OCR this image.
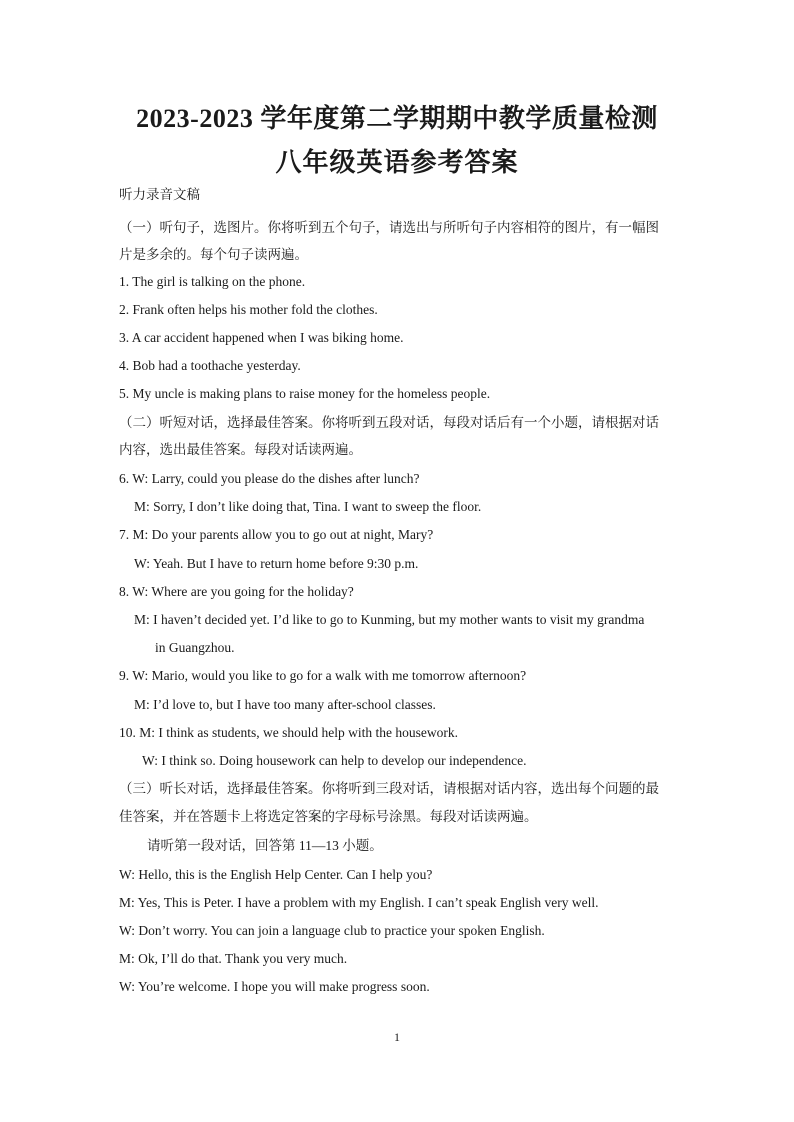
2023-2023 学年度第二学期期中教学质量检测
八年级英语参考答案

听力录音文稿

（一）听句子，选图片。你将听到五个句子，请选出与所听句子内容相符的图片，有一幅图

片是多余的。每个句子读两遍。

1. The girl is talking on the phone.

2. Frank often helps his mother fold the clothes.

3. A car accident happened when I was biking home.

4. Bob had a toothache yesterday.

5. My uncle is making plans to raise money for the homeless people.

（二）听短对话，选择最佳答案。你将听到五段对话，每段对话后有一个小题，请根据对话

内容，选出最佳答案。每段对话读两遍。

6. W: Larry, could you please do the dishes after lunch?

M: Sorry, I don’t like doing that, Tina. I want to sweep the floor.

7. M: Do your parents allow you to go out at night, Mary?

W: Yeah. But I have to return home before 9:30 p.m.

8. W: Where are you going for the holiday?

M: I haven’t decided yet. I’d like to go to Kunming, but my mother wants to visit my grandma

in Guangzhou.

9. W: Mario, would you like to go for a walk with me tomorrow afternoon?

M: I’d love to, but I have too many after-school classes.

10. M: I think as students, we should help with the housework.

W: I think so. Doing housework can help to develop our independence.

（三）听长对话，选择最佳答案。你将听到三段对话，请根据对话内容，选出每个问题的最

佳答案，并在答题卡上将选定答案的字母标号涂黑。每段对话读两遍。

请听第一段对话，回答第 11—13 小题。

W: Hello, this is the English Help Center. Can I help you?

M: Yes, This is Peter. I have a problem with my English. I can’t speak English very well.

W: Don’t worry. You can join a language club to practice your spoken English.

M: Ok, I’ll do that. Thank you very much.

W: You’re welcome. I hope you will make progress soon.

1
